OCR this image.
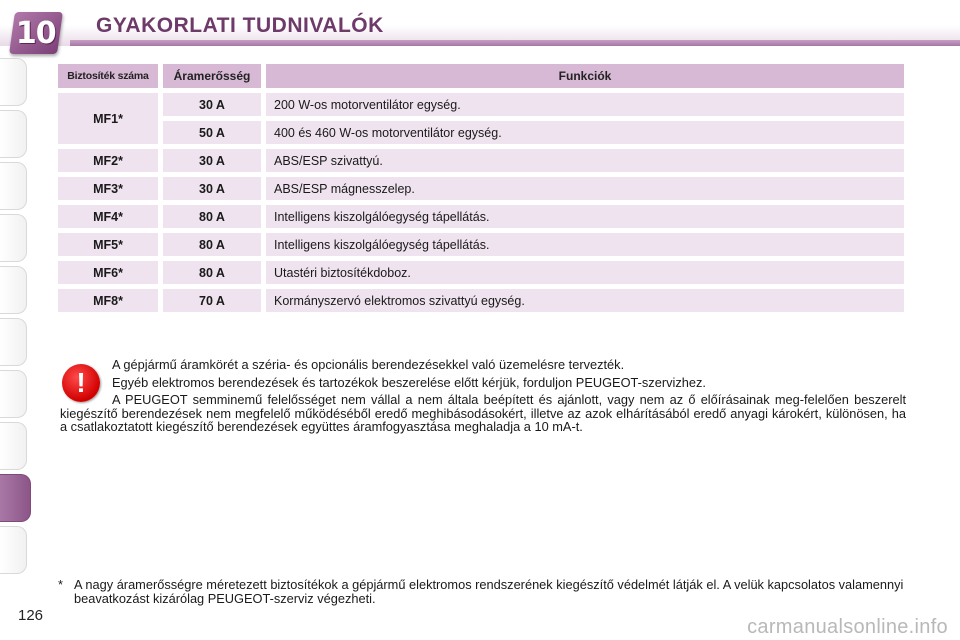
10 GYAKORLATI TUDNIVALÓK
Biztosíték száma		Áramerősség		Funkciók
MF1*		30 A		200 W-os motorventilátor egység.
		50 A		400 és 460 W-os motorventilátor egység.
MF2*		30 A		ABS/ESP szivattyú.
MF3*		30 A		ABS/ESP mágnesszelep.
MF4*		80 A		Intelligens kiszolgálóegység tápellátás.
MF5*		80 A		Intelligens kiszolgálóegység tápellátás.
MF6*		80 A		Utastéri biztosítékdoboz.
MF8*		70 A		Kormányszervó elektromos szivattyú egység.
!

A gépjármű áramkörét a széria- és opcionális berendezésekkel való üzemelésre tervezték.

Egyéb elektromos berendezések és tartozékok beszerelése előtt kérjük, forduljon PEUGEOT-szervizhez.

A PEUGEOT semminemű felelősséget nem vállal a nem általa beépített és ajánlott, vagy nem az ő előírásainak meg-felelően beszerelt kiegészítő berendezések nem megfelelő működéséből eredő meghibásodásokért, illetve az azok elhárításából eredő anyagi károkért, különösen, ha a csatlakoztatott kiegészítő berendezések együttes áramfogyasztása meghaladja a 10 mA-t.

* A nagy áramerősségre méretezett biztosítékok a gépjármű elektromos rendszerének kiegészítő védelmét látják el. A velük kapcsolatos valamennyi beavatkozást kizárólag PEUGEOT-szerviz végezheti.
126
carmanualsonline.info
